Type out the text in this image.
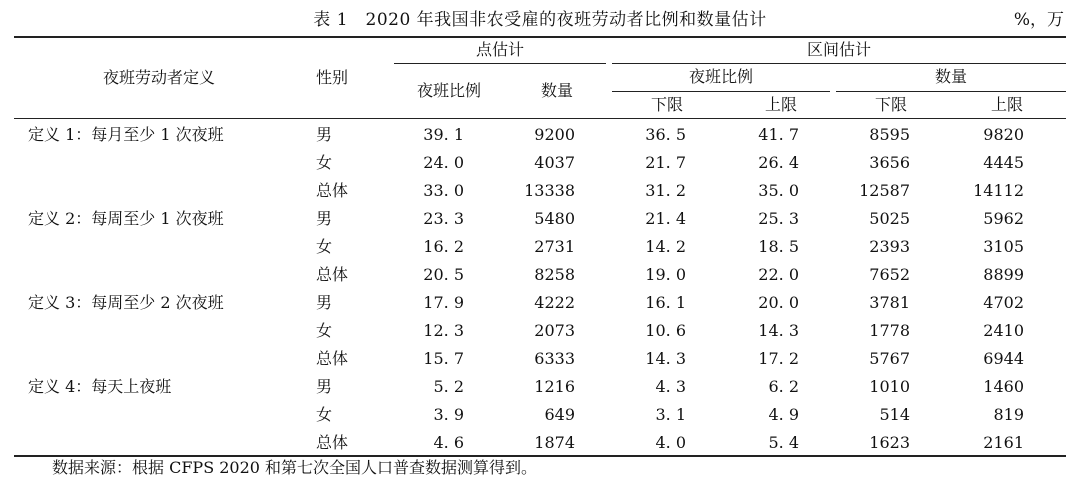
表 1　2020 年我国非农受雇的夜班劳动者比例和数量估计	%，万
夜班劳动者定义	性别
点估计	区间估计
夜班比例	数量
夜班比例	数量
下限	上限	下限	上限
定义 1：每月至少 1 次夜班	男	39. 1	9200	36. 5	41. 7	8595	9820
女	24. 0	4037	21. 7	26. 4	3656	4445
总体	33. 0	13338	31. 2	35. 0	12587	14112
定义 2：每周至少 1 次夜班	男	23. 3	5480	21. 4	25. 3	5025	5962
女	16. 2	2731	14. 2	18. 5	2393	3105
总体	20. 5	8258	19. 0	22. 0	7652	8899
定义 3：每周至少 2 次夜班	男	17. 9	4222	16. 1	20. 0	3781	4702
女	12. 3	2073	10. 6	14. 3	1778	2410
总体	15. 7	6333	14. 3	17. 2	5767	6944
定义 4：每天上夜班	男	5. 2	1216	4. 3	6. 2	1010	1460
女	3. 9	649	3. 1	4. 9	514	819
总体	4. 6	1874	4. 0	5. 4	1623	2161
数据来源：根据 CFPS 2020 和第七次全国人口普查数据测算得到。
